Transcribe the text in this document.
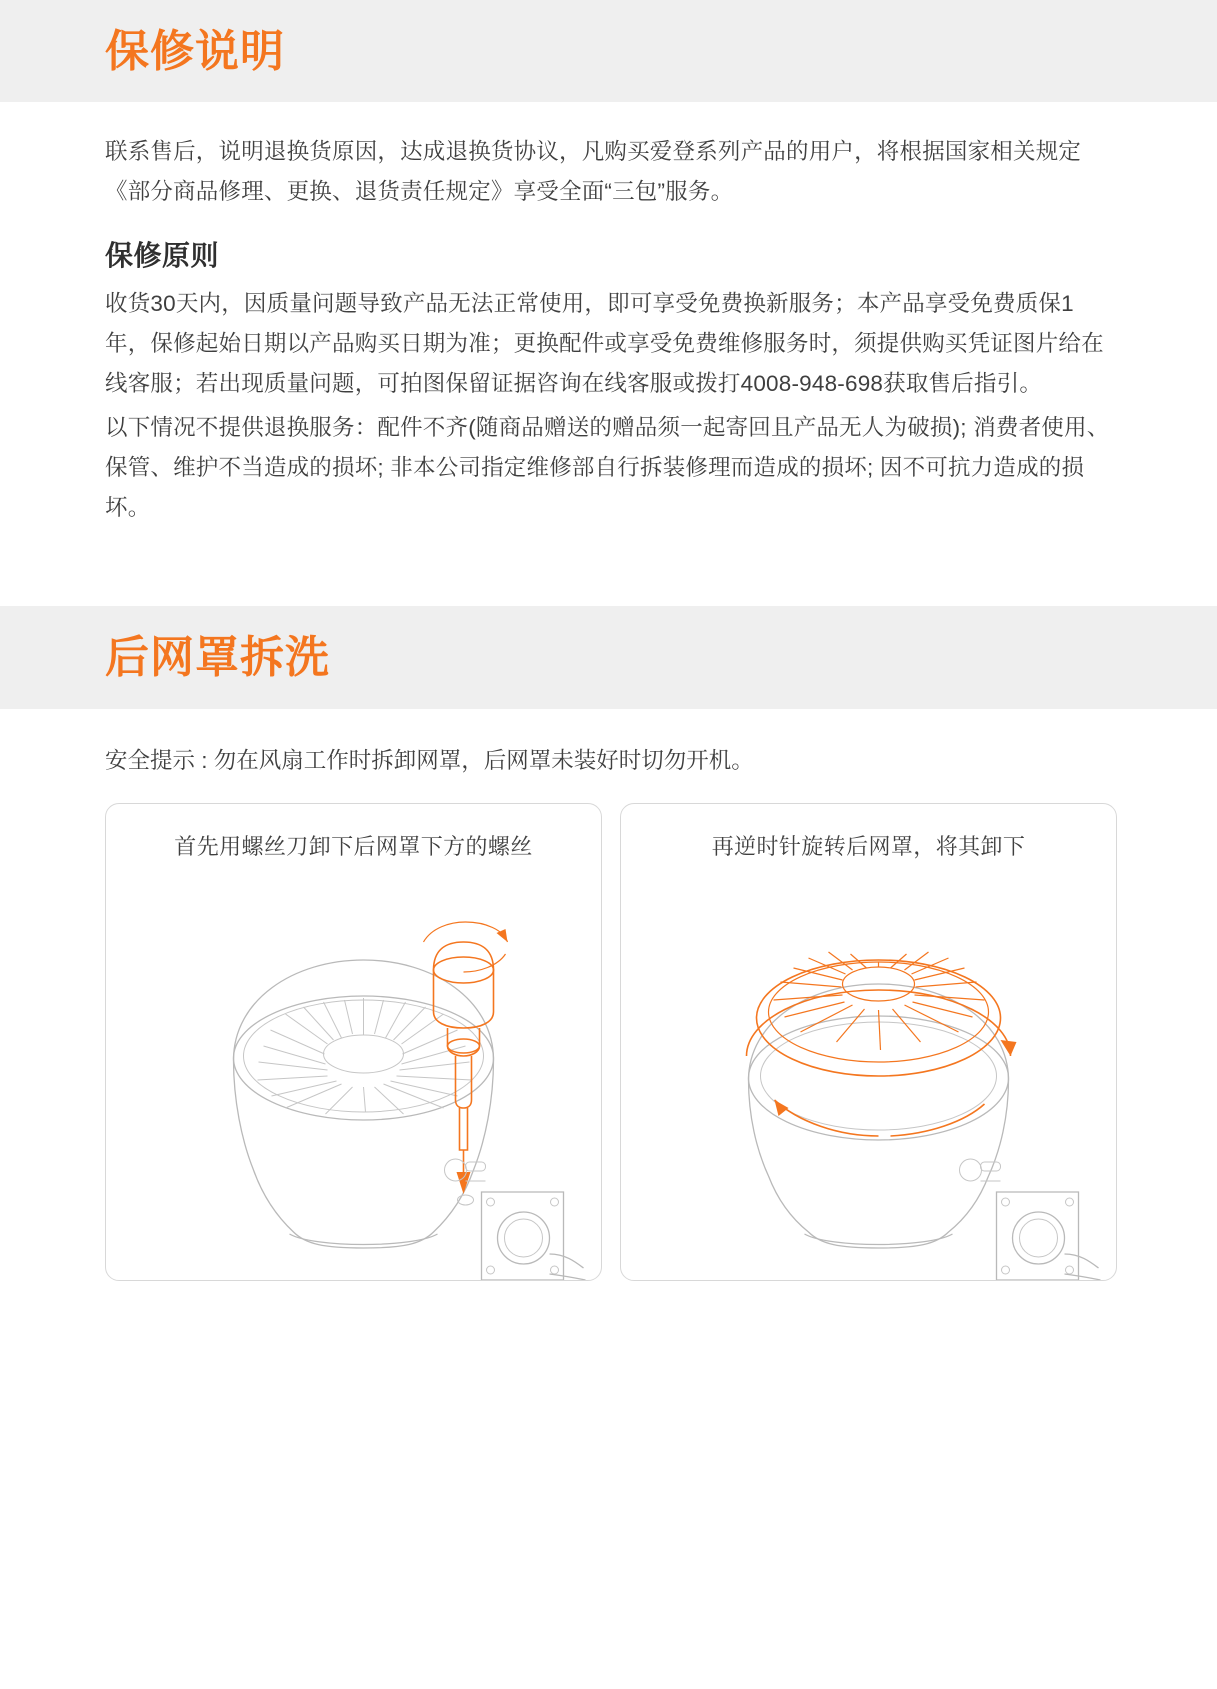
保修说明

联系售后，说明退换货原因，达成退换货协议，凡购买爱登系列产品的用户，将根据国家相关规定《部分商品修理、更换、退货责任规定》享受全面“三包”服务。

保修原则

收货30天内，因质量问题导致产品无法正常使用，即可享受免费换新服务；本产品享受免费质保1年，保修起始日期以产品购买日期为准；更换配件或享受免费维修服务时，须提供购买凭证图片给在线客服；若出现质量问题，可拍图保留证据咨询在线客服或拨打4008-948-698获取售后指引。

以下情况不提供退换服务：配件不齐(随商品赠送的赠品须一起寄回且产品无人为破损); 消费者使用、保管、维护不当造成的损坏; 非本公司指定维修部自行拆装修理而造成的损坏; 因不可抗力造成的损坏。

后网罩拆洗

安全提示 : 勿在风扇工作时拆卸网罩，后网罩未装好时切勿开机。

首先用螺丝刀卸下后网罩下方的螺丝	再逆时针旋转后网罩，将其卸下
